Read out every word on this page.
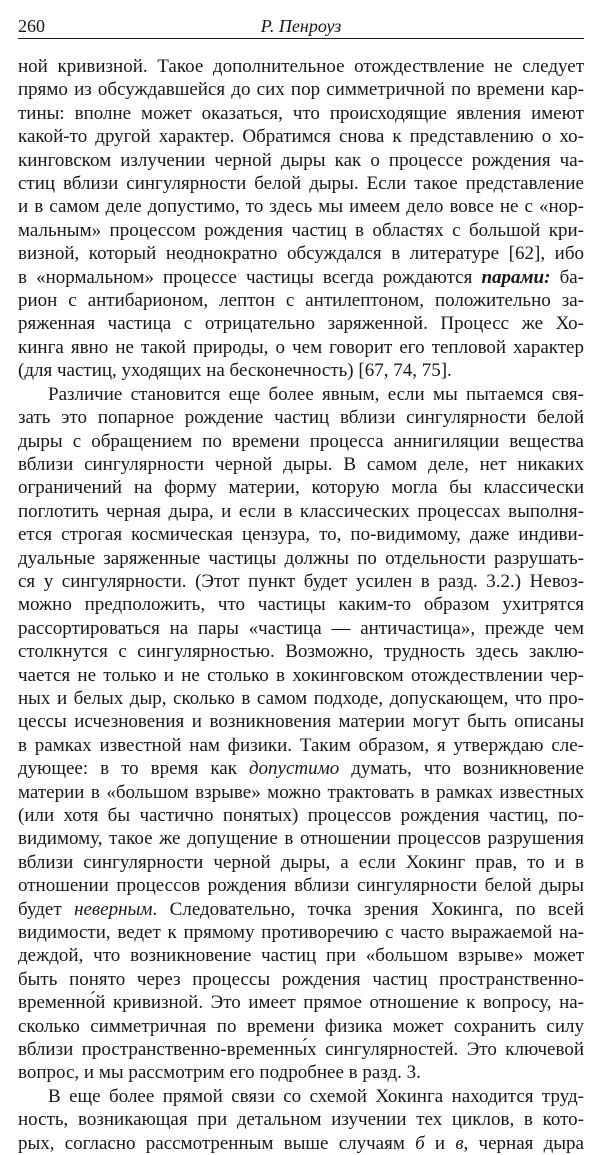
260	Р. Пенроуз

ной кривизной. Такое дополнительное отождествление не следует
прямо из обсуждавшейся до сих пор симметричной по времени кар-
тины: вполне может оказаться, что происходящие явления имеют
какой-то другой характер. Обратимся снова к представлению о хо-
кинговском излучении черной дыры как о процессе рождения ча-
стиц вблизи сингулярности белой дыры. Если такое представление
и в самом деле допустимо, то здесь мы имеем дело вовсе не с «нор-
мальным» процессом рождения частиц в областях с большой кри-
визной, который неоднократно обсуждался в литературе [62], ибо
в «нормальном» процессе частицы всегда рождаются парами: ба-
рион с антибарионом, лептон с антилептоном, положительно за-
ряженная частица с отрицательно заряженной. Процесс же Хо-
кинга явно не такой природы, о чем говорит его тепловой характер
(для частиц, уходящих на бесконечность) [67, 74, 75].

Различие становится еще более явным, если мы пытаемся свя-
зать это попарное рождение частиц вблизи сингулярности белой
дыры с обращением по времени процесса аннигиляции вещества
вблизи сингулярности черной дыры. В самом деле, нет никаких
ограничений на форму материи, которую могла бы классически
поглотить черная дыра, и если в классических процессах выполня-
ется строгая космическая цензура, то, по-видимому, даже индиви-
дуальные заряженные частицы должны по отдельности разрушать-
ся у сингулярности. (Этот пункт будет усилен в разд. 3.2.) Невоз-
можно предположить, что частицы каким-то образом ухитрятся
рассортироваться на пары «частица — античастица», прежде чем
столкнутся с сингулярностью. Возможно, трудность здесь заклю-
чается не только и не столько в хокинговском отождествлении чер-
ных и белых дыр, сколько в самом подходе, допускающем, что про-
цессы исчезновения и возникновения материи могут быть описаны
в рамках известной нам физики. Таким образом, я утверждаю сле-
дующее: в то время как допустимо думать, что возникновение
материи в «большом взрыве» можно трактовать в рамках известных
(или хотя бы частично понятых) процессов рождения частиц, по-
видимому, такое же допущение в отношении процессов разрушения
вблизи сингулярности черной дыры, а если Хокинг прав, то и в
отношении процессов рождения вблизи сингулярности белой дыры
будет неверным. Следовательно, точка зрения Хокинга, по всей
видимости, ведет к прямому противоречию с часто выражаемой на-
деждой, что возникновение частиц при «большом взрыве» может
быть понято через процессы рождения частиц пространственно-
временно́й кривизной. Это имеет прямое отношение к вопросу, на-
сколько симметричная по времени физика может сохранить силу
вблизи пространственно-временны́х сингулярностей. Это ключевой
вопрос, и мы рассмотрим его подробнее в разд. 3.

В еще более прямой связи со схемой Хокинга находится труд-
ность, возникающая при детальном изучении тех циклов, в кото-
рых, согласно рассмотренным выше случаям б и в, черная дыра
